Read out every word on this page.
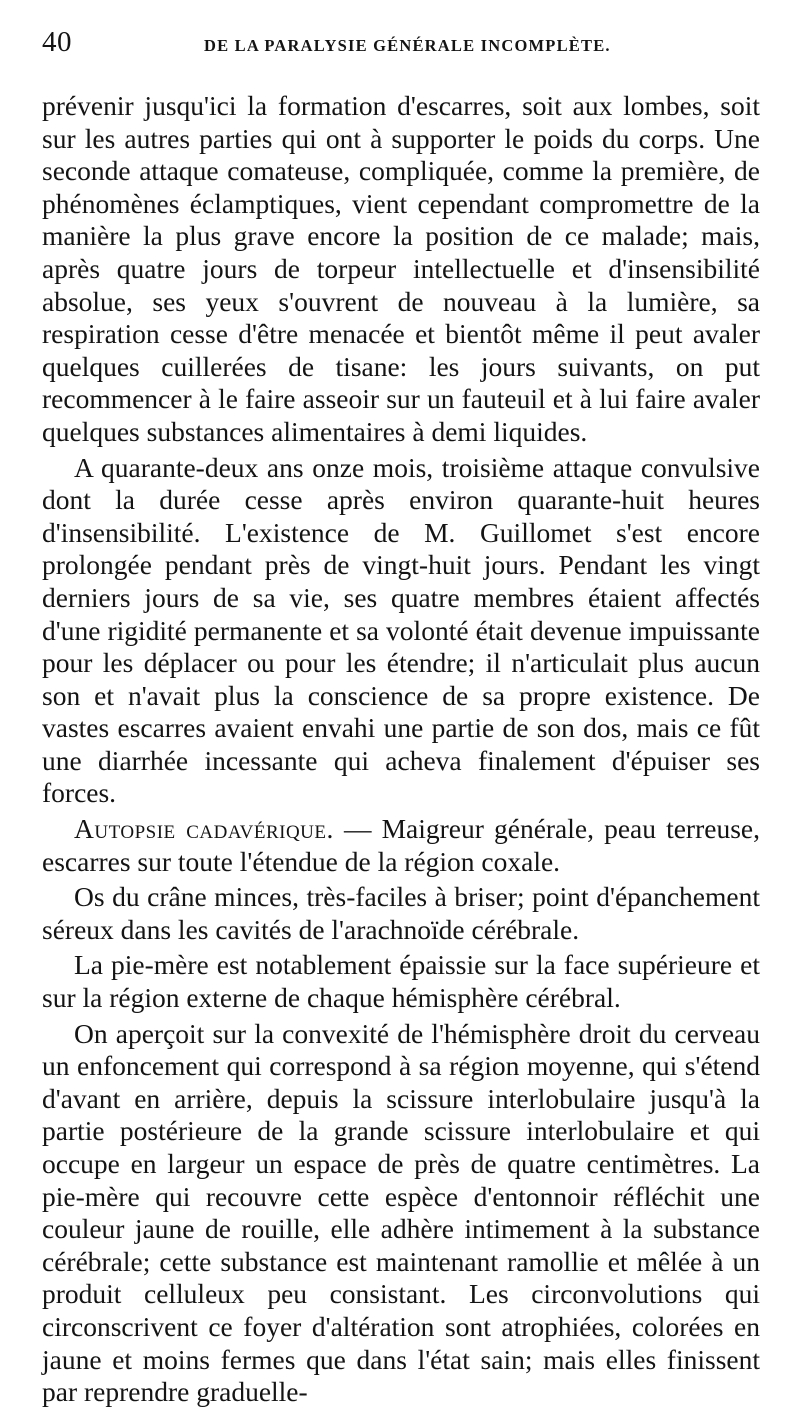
40	DE LA PARALYSIE GÉNÉRALE INCOMPLÈTE.

prévenir jusqu'ici la formation d'escarres, soit aux lombes, soit sur les autres parties qui ont à supporter le poids du corps. Une seconde attaque comateuse, compliquée, comme la première, de phénomènes éclamptiques, vient cependant compromettre de la manière la plus grave encore la position de ce malade; mais, après quatre jours de torpeur intellectuelle et d'insensibilité absolue, ses yeux s'ouvrent de nouveau à la lumière, sa respiration cesse d'être menacée et bientôt même il peut avaler quelques cuillerées de tisane: les jours suivants, on put recommencer à le faire asseoir sur un fauteuil et à lui faire avaler quelques substances alimentaires à demi liquides.

A quarante-deux ans onze mois, troisième attaque convulsive dont la durée cesse après environ quarante-huit heures d'insensibilité. L'existence de M. Guillomet s'est encore prolongée pendant près de vingt-huit jours. Pendant les vingt derniers jours de sa vie, ses quatre membres étaient affectés d'une rigidité permanente et sa volonté était devenue impuissante pour les déplacer ou pour les étendre; il n'articulait plus aucun son et n'avait plus la conscience de sa propre existence. De vastes escarres avaient envahi une partie de son dos, mais ce fût une diarrhée incessante qui acheva finalement d'épuiser ses forces.

Autopsie cadavérique. — Maigreur générale, peau terreuse, escarres sur toute l'étendue de la région coxale.

Os du crâne minces, très-faciles à briser; point d'épanchement séreux dans les cavités de l'arachnoïde cérébrale.

La pie-mère est notablement épaissie sur la face supérieure et sur la région externe de chaque hémisphère cérébral.

On aperçoit sur la convexité de l'hémisphère droit du cerveau un enfoncement qui correspond à sa région moyenne, qui s'étend d'avant en arrière, depuis la scissure interlobulaire jusqu'à la partie postérieure de la grande scissure interlobulaire et qui occupe en largeur un espace de près de quatre centimètres. La pie-mère qui recouvre cette espèce d'entonnoir réfléchit une couleur jaune de rouille, elle adhère intimement à la substance cérébrale; cette substance est maintenant ramollie et mêlée à un produit celluleux peu consistant. Les circonvolutions qui circonscrivent ce foyer d'altération sont atrophiées, colorées en jaune et moins fermes que dans l'état sain; mais elles finissent par reprendre graduelle-
